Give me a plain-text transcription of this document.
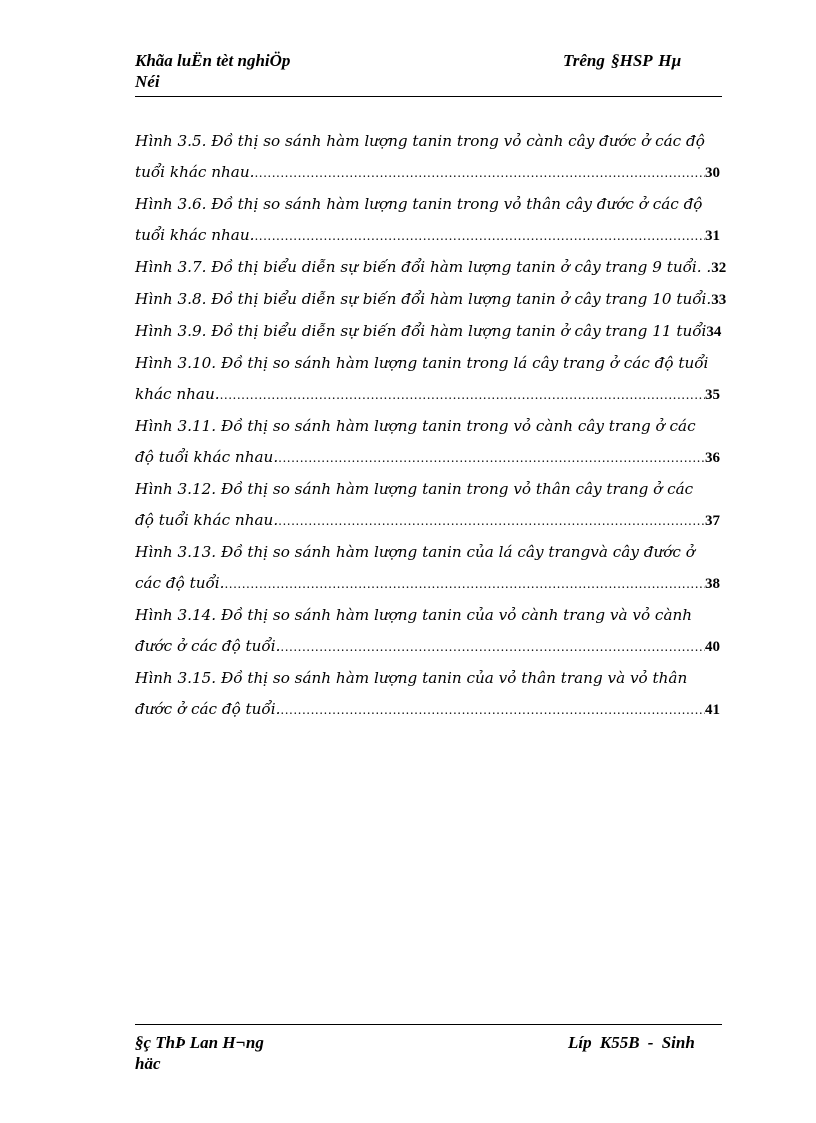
Khãa luËn tèt nghiÖp
Néi
Trêng §HSP Hµ
Hình 3.5. Đồ thị so sánh hàm lượng tanin trong vỏ cành cây đước ở các độ
tuổi khác nhau. .....	30
Hình 3.6. Đồ thị so sánh hàm lượng tanin trong vỏ thân cây đước ở các độ
tuổi khác nhau. .....	31
Hình 3.7. Đồ thị biểu diễn sự biến đổi hàm lượng tanin ở cây trang 9 tuổi. . 32
Hình 3.8. Đồ thị biểu diễn sự biến đổi hàm lượng tanin ở cây trang 10 tuổi. 33
Hình 3.9. Đồ thị biểu diễn sự biến đổi hàm lượng tanin ở cây trang 11 tuổi 34
Hình 3.10. Đồ thị so sánh hàm lượng tanin trong lá cây trang ở các độ tuổi
khác nhau. .....	35
Hình 3.11. Đồ thị so sánh hàm lượng tanin trong vỏ cành cây trang ở các
độ tuổi khác nhau. .....	36
Hình 3.12. Đồ thị so sánh hàm lượng tanin trong vỏ thân cây trang ở các
độ tuổi khác nhau. .....	37
Hình 3.13. Đồ thị so sánh hàm lượng tanin của lá cây trangvà cây đước ở
các độ tuổi. .....	38
Hình 3.14. Đồ thị so sánh hàm lượng tanin của vỏ cành trang và vỏ cành
đước ở các độ tuổi. .....	40
Hình 3.15. Đồ thị so sánh hàm lượng tanin của vỏ thân trang và vỏ thân
đước ở các độ tuổi. .....	41
§ç ThÞ Lan H¬ng
häc
Líp K55B - Sinh
